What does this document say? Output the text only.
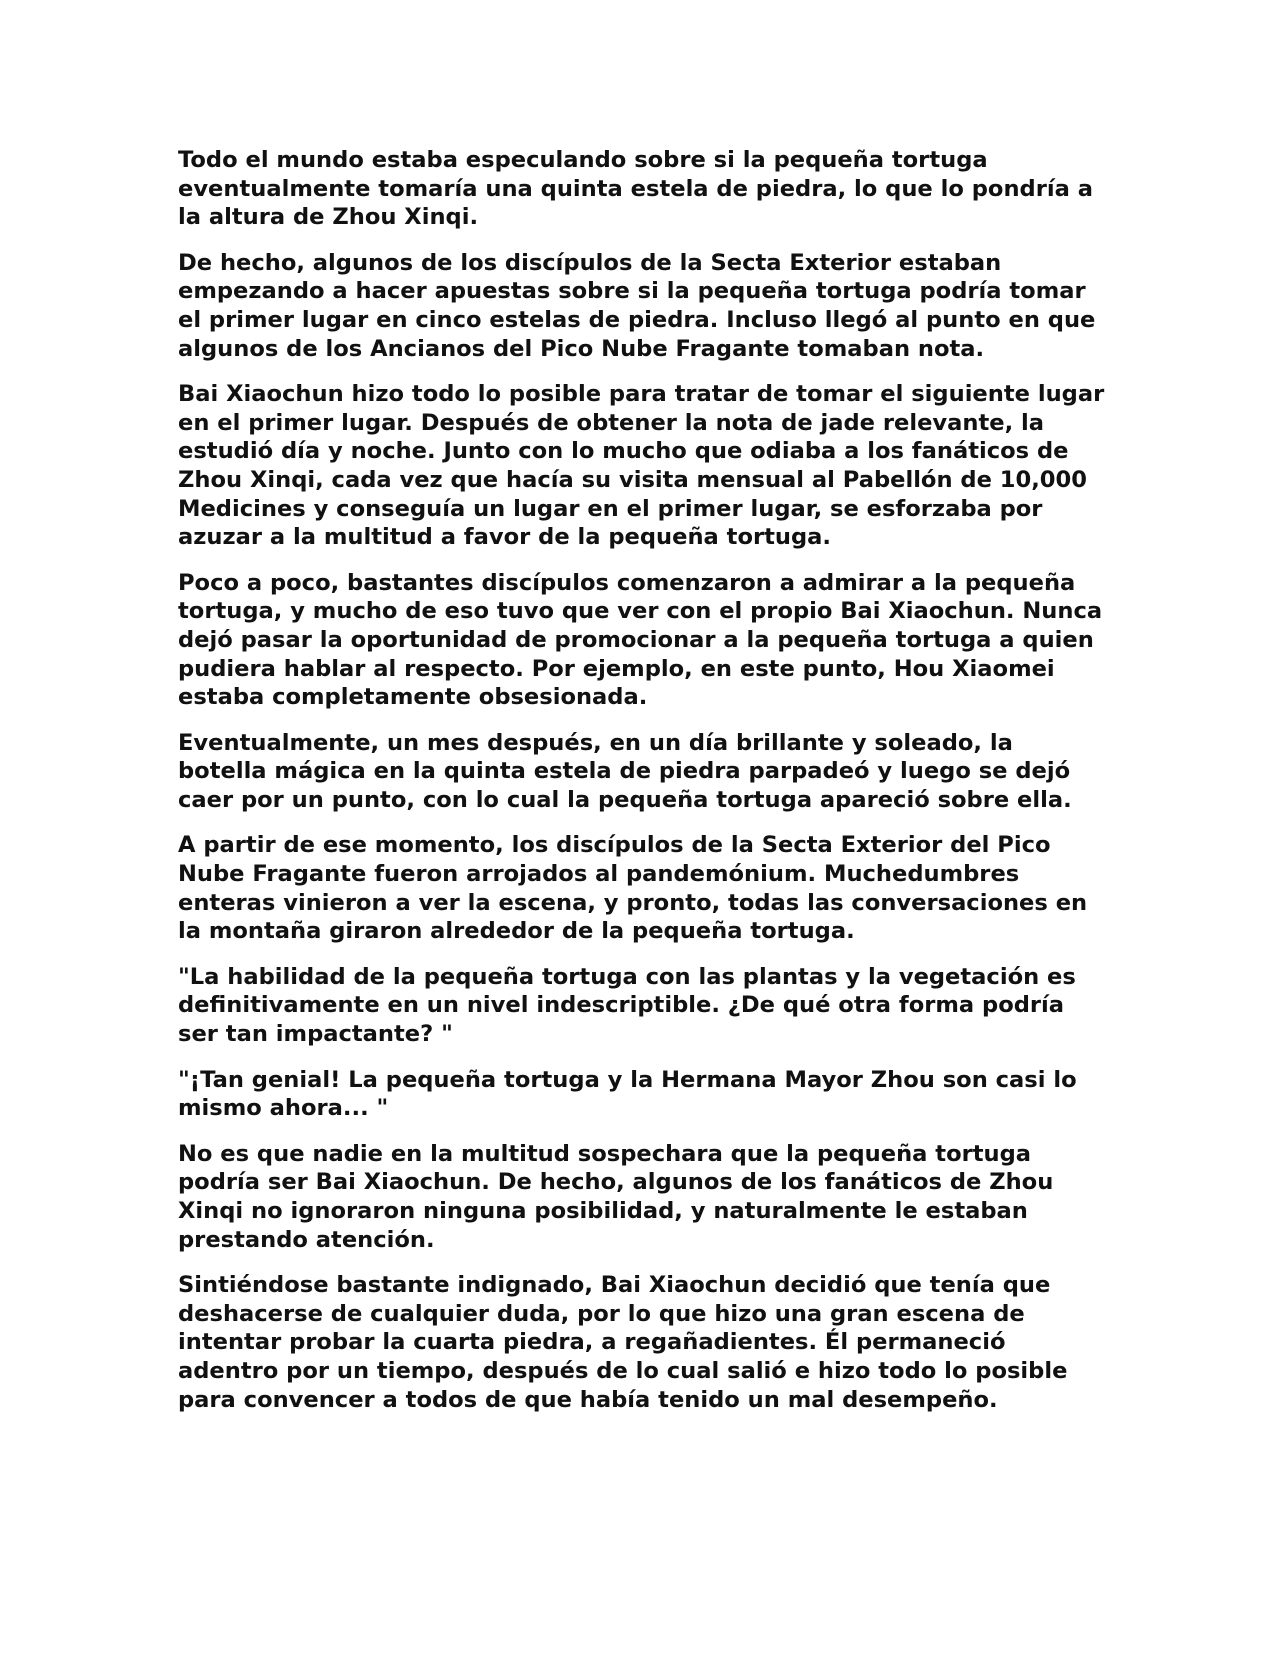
Todo el mundo estaba especulando sobre si la pequeña tortuga eventualmente tomaría una quinta estela de piedra, lo que lo pondría a la altura de Zhou Xinqi.

De hecho, algunos de los discípulos de la Secta Exterior estaban empezando a hacer apuestas sobre si la pequeña tortuga podría tomar el primer lugar en cinco estelas de piedra. Incluso llegó al punto en que algunos de los Ancianos del Pico Nube Fragante tomaban nota.

Bai Xiaochun hizo todo lo posible para tratar de tomar el siguiente lugar en el primer lugar. Después de obtener la nota de jade relevante, la estudió día y noche. Junto con lo mucho que odiaba a los fanáticos de Zhou Xinqi, cada vez que hacía su visita mensual al Pabellón de 10,000 Medicines y conseguía un lugar en el primer lugar, se esforzaba por azuzar a la multitud a favor de la pequeña tortuga.

Poco a poco, bastantes discípulos comenzaron a admirar a la pequeña tortuga, y mucho de eso tuvo que ver con el propio Bai Xiaochun. Nunca dejó pasar la oportunidad de promocionar a la pequeña tortuga a quien pudiera hablar al respecto. Por ejemplo, en este punto, Hou Xiaomei estaba completamente obsesionada.

Eventualmente, un mes después, en un día brillante y soleado, la botella mágica en la quinta estela de piedra parpadeó y luego se dejó caer por un punto, con lo cual la pequeña tortuga apareció sobre ella.

A partir de ese momento, los discípulos de la Secta Exterior del Pico Nube Fragante fueron arrojados al pandemónium. Muchedumbres enteras vinieron a ver la escena, y pronto, todas las conversaciones en la montaña giraron alrededor de la pequeña tortuga.

"La habilidad de la pequeña tortuga con las plantas y la vegetación es definitivamente en un nivel indescriptible. ¿De qué otra forma podría ser tan impactante? "

"¡Tan genial! La pequeña tortuga y la Hermana Mayor Zhou son casi lo mismo ahora... "

No es que nadie en la multitud sospechara que la pequeña tortuga podría ser Bai Xiaochun. De hecho, algunos de los fanáticos de Zhou Xinqi no ignoraron ninguna posibilidad, y naturalmente le estaban prestando atención.

Sintiéndose bastante indignado, Bai Xiaochun decidió que tenía que deshacerse de cualquier duda, por lo que hizo una gran escena de intentar probar la cuarta piedra, a regañadientes. Él permaneció adentro por un tiempo, después de lo cual salió e hizo todo lo posible para convencer a todos de que había tenido un mal desempeño.
